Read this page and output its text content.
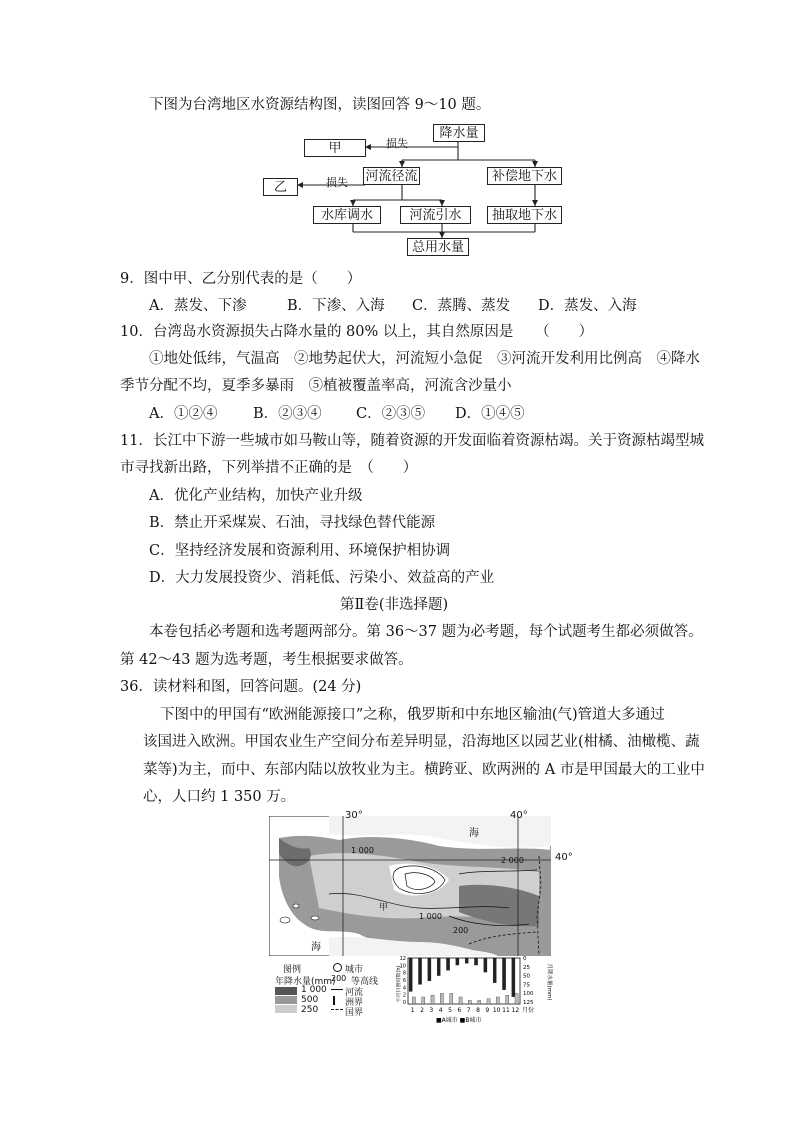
下图为台湾地区水资源结构图，读图回答 9～10 题。
降水量
甲	损失
河流径流	补偿地下水
乙	损失
水库调水	河流引水	抽取地下水
总用水量
9．图中甲、乙分别代表的是（　　）
A．蒸发、下渗	B．下渗、入海 C．蒸腾、蒸发 D．蒸发、入海
10．台湾岛水资源损失占降水量的 80% 以上，其自然原因是　　（　　）
①地处低纬，气温高　②地势起伏大，河流短小急促　③河流开发利用比例高　④降水
季节分配不均，夏季多暴雨　⑤植被覆盖率高，河流含沙量小
A．①②④ B．②③④ C．②③⑤ D．①④⑤
11．长江中下游一些城市如马鞍山等，随着资源的开发面临着资源枯竭。关于资源枯竭型城
市寻找新出路，下列举措不正确的是　（　　）
A．优化产业结构，加快产业升级
B．禁止开采煤炭、石油，寻找绿色替代能源
C．坚持经济发展和资源利用、环境保护相协调
D．大力发展投资少、消耗低、污染小、效益高的产业
第Ⅱ卷(非选择题)
本卷包括必考题和选考题两部分。第 36～37 题为必考题，每个试题考生都必须做答。
第 42～43 题为选考题，考生根据要求做答。
36．读材料和图，回答问题。(24 分)
下图中的甲国有“欧洲能源接口”之称，俄罗斯和中东地区输油(气)管道大多通过
该国进入欧洲。甲国农业生产空间分布差异明显，沿海地区以园艺业(柑橘、油橄榄、蔬
菜等)为主，而中、东部内陆以放牧业为主。横跨亚、欧两洲的 A 市是甲国最大的工业中
心，人口约 1 350 万。
30°	40°
40°
海
海
1 000
2 000
1 000
200
甲
图例
年降水量(mm)
1 000
500
250
城市
200 等高线
河流
洲界
国界	1 2 3 4 5 6 7 8 9 10 11 12 月份
0
25
50
75
100
125
0
2
4
6
8
10
12
平均日照时数(h)	月降水量(mm)
■A城市 ■B城市
